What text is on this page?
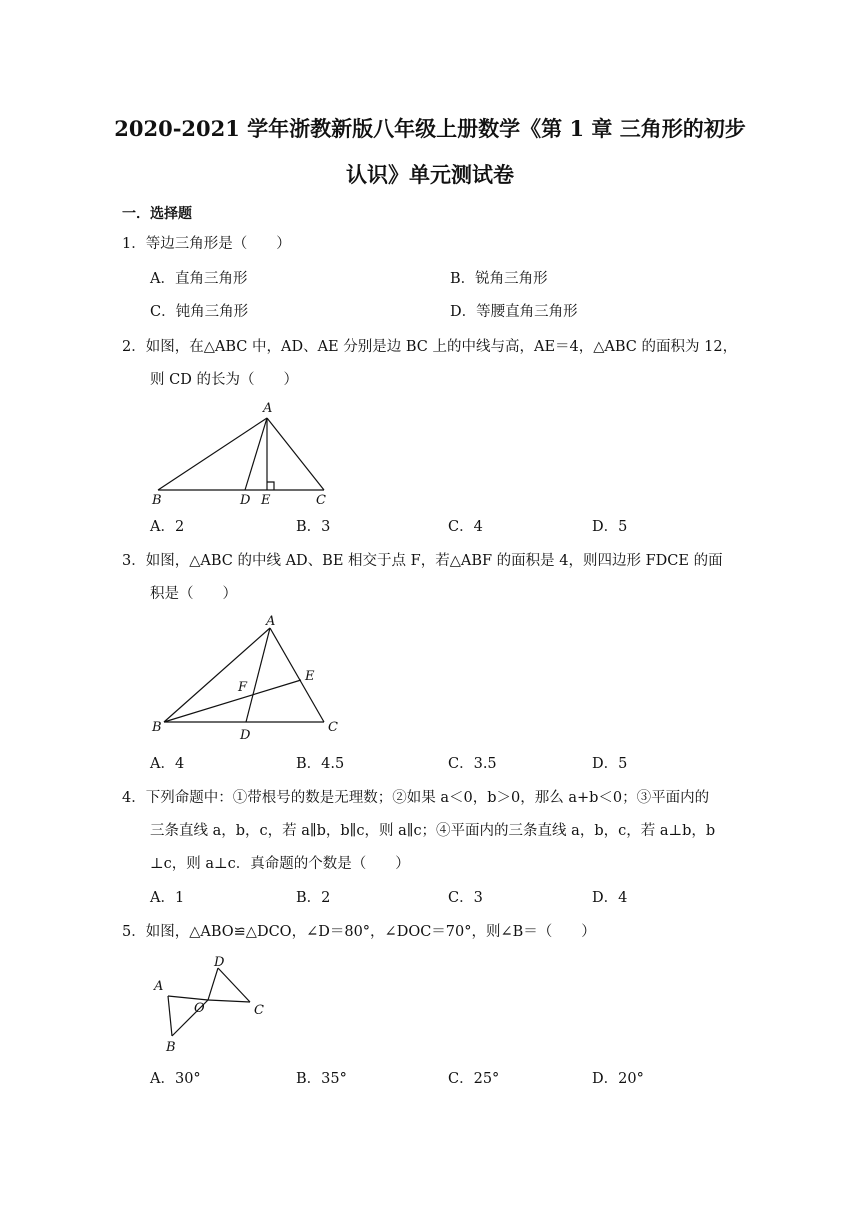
2020-2021 学年浙教新版八年级上册数学《第 1 章 三角形的初步
认识》单元测试卷
一．选择题
1．等边三角形是（　　）
A．直角三角形	B．锐角三角形
C．钝角三角形	D．等腰直角三角形
2．如图，在△ABC 中，AD、AE 分别是边 BC 上的中线与高，AE＝4，△ABC 的面积为 12，
则 CD 的长为（　　）
A
B	D E	C
A．2	B．3	C．4	D．5
3．如图，△ABC 的中线 AD、BE 相交于点 F，若△ABF 的面积是 4，则四边形 FDCE 的面
积是（　　）
A
B	C
D
E
F
A．4	B．4.5	C．3.5	D．5
4．下列命题中：①带根号的数是无理数；②如果 a＜0，b＞0，那么 a+b＜0；③平面内的
三条直线 a，b，c，若 a∥b，b∥c，则 a∥c；④平面内的三条直线 a，b，c，若 a⊥b，b
⊥c，则 a⊥c．真命题的个数是（　　）
A．1	B．2	C．3	D．4
5．如图，△ABO≌△DCO，∠D＝80°，∠DOC＝70°，则∠B＝（　　）
A
B
C
D
O
A．30°	B．35°	C．25°	D．20°
